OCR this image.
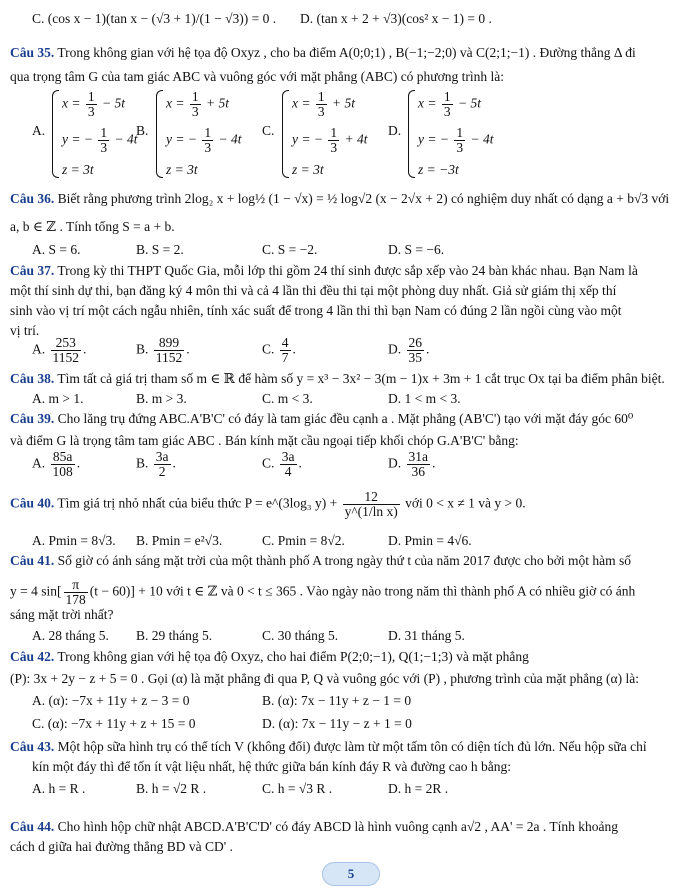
C. (cos x − 1)(tan x − (√3 + 1)/(1 − √3)) = 0 . D. (tan x + 2 + √3)(cos² x − 1) = 0 .
Câu 35. Trong không gian với hệ tọa độ Oxyz , cho ba điểm A(0;0;1) , B(−1;−2;0) và C(2;1;−1) . Đường thẳng Δ đi
qua trọng tâm G của tam giác ABC và vuông góc với mặt phẳng (ABC) có phương trình là:
A.
$x = \frac{1}{3} - 5t$
y = − $\frac{1}{3} - 4t$
z = 3t
B.
$x = \frac{1}{3} + 5t$
y = − $\frac{1}{3} - 4t$
z = 3t
C.
$x = \frac{1}{3} + 5t$
y = − $\frac{1}{3} + 4t$
z = 3t
D.
$x = \frac{1}{3} - 5t$
y = − $\frac{1}{3} - 4t$
z = −3t
Câu 36. Biết rằng phương trình 2log₂ x + log½ (1 − √x) = ½ log√2 (x − 2√x + 2) có nghiệm duy nhất có dạng a + b√3 với
a, b ∈ ℤ . Tính tổng S = a + b.
A. S = 6.	B. S = 2.	C. S = −2.	D. S = −6.
Câu 37. Trong kỳ thi THPT Quốc Gia, mỗi lớp thi gồm 24 thí sinh được sắp xếp vào 24 bàn khác nhau. Bạn Nam là
một thí sinh dự thi, bạn đăng ký 4 môn thi và cả 4 lần thi đều thi tại một phòng duy nhất. Giả sử giám thị xếp thí
sinh vào vị trí một cách ngẫu nhiên, tính xác suất để trong 4 lần thi thì bạn Nam có đúng 2 lần ngồi cùng vào một
vị trí.
A. $\frac{253}{1152}$ .	B. $\frac{899}{1152}$ .	C. $\frac{4}{7}$ .	D. $\frac{26}{35}$ .
Câu 38. Tìm tất cả giá trị tham số m ∈ ℝ để hàm số y = x³ − 3x² − 3(m − 1)x + 3m + 1 cắt trục Ox tại ba điểm phân biệt.
A. m > 1.	B. m > 3.	C. m < 3.	D. 1 < m < 3.
Câu 39. Cho lăng trụ đứng ABC.A'B'C' có đáy là tam giác đều cạnh a . Mặt phẳng (AB'C') tạo với mặt đáy góc 60⁰
và điểm G là trọng tâm tam giác ABC . Bán kính mặt cầu ngoại tiếp khối chóp G.A'B'C' bằng:
A. $\frac{85a}{108}$ .	B. $\frac{3a}{2}$ .	C. $\frac{3a}{4}$ .	D. $\frac{31a}{36}$ .
Câu 40. Tìm giá trị nhỏ nhất của biểu thức P = e^(3log₃ $y) + \frac{12}{\text{y\textasciicircum{}(1/ln x)}}$ với 0 < x ≠ 1 và y > 0.
A. Pmin = 8√3. B. Pmin = e²√3.	C. Pmin = 8√2.	D. Pmin = 4√6.
Câu 41. Số giờ có ánh sáng mặt trời của một thành phố A trong ngày thứ t của năm 2017 được cho bởi một hàm số
y = 4 $\sin[ \frac{\pi}{178} (t - 60)] + 10$ với t ∈ ℤ và 0 < t ≤ 365 . Vào ngày nào trong năm thì thành phố A có nhiều giờ có ánh
sáng mặt trời nhất?
A. 28 tháng 5. B. 29 tháng 5.	C. 30 tháng 5.	D. 31 tháng 5.
Câu 42. Trong không gian với hệ tọa độ Oxyz, cho hai điểm P(2;0;−1), Q(1;−1;3) và mặt phẳng
(P): 3x + 2y − z + 5 = 0 . Gọi (α) là mặt phẳng đi qua P, Q và vuông góc với (P) , phương trình của mặt phẳng (α) là:
A. (α): −7x + 11y + z − 3 = 0	B. (α): 7x − 11y + z − 1 = 0
C. (α): −7x + 11y + z + 15 = 0	D. (α): 7x − 11y − z + 1 = 0
Câu 43. Một hộp sữa hình trụ có thể tích V (không đổi) được làm từ một tấm tôn có diện tích đủ lớn. Nếu hộp sữa chỉ
kín một đáy thì để tốn ít vật liệu nhất, hệ thức giữa bán kính đáy R và đường cao h bằng:
A. h = R .	B. h = √2 R .	C. h = √3 R .	D. h = 2R .
Câu 44. Cho hình hộp chữ nhật ABCD.A'B'C'D' có đáy ABCD là hình vuông cạnh a√2 , AA' = 2a . Tính khoảng
cách d giữa hai đường thẳng BD và CD' .
5
